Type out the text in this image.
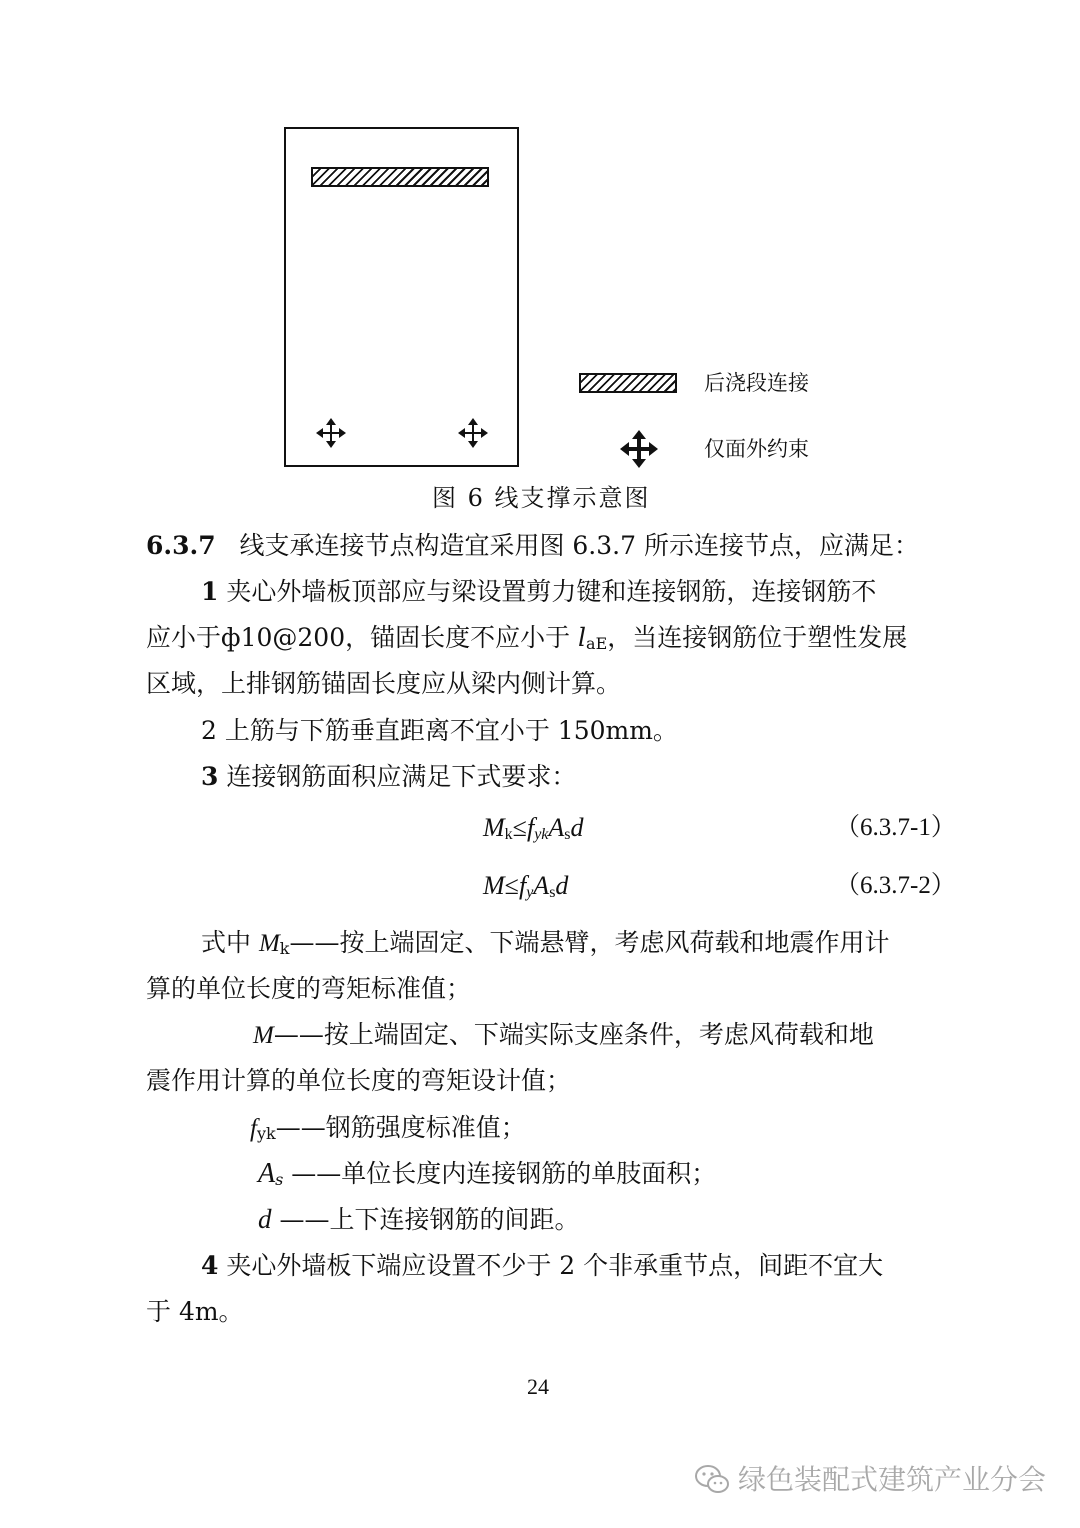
后浇段连接
仅面外约束
图 6 线支撑示意图
6.3.7 线支承连接节点构造宜采用图 6.3.7 所示连接节点，应满足：
1 夹心外墙板顶部应与梁设置剪力键和连接钢筋，连接钢筋不
应小于ф10@200，锚固长度不应小于 $l_{aE}$，当连接钢筋位于塑性发展
区域，上排钢筋锚固长度应从梁内侧计算。
2 上筋与下筋垂直距离不宜小于 150mm。
3 连接钢筋面积应满足下式要求：
$M_k\le f_{yk}A_sd$	（6.3.7-1）
$M\le f_yA_sd$	（6.3.7-2）
式中 $M_k——$按上端固定、下端悬臂，考虑风荷载和地震作用计
算的单位长度的弯矩标准值；
M——按上端固定、下端实际支座条件，考虑风荷载和地
震作用计算的单位长度的弯矩设计值；
$f_{yk}——$钢筋强度标准值；
$A_s$ ——单位长度内连接钢筋的单肢面积；
d ——上下连接钢筋的间距。
4 夹心外墙板下端应设置不少于 2 个非承重节点，间距不宜大
于 4m。
24
绿色装配式建筑产业分会
